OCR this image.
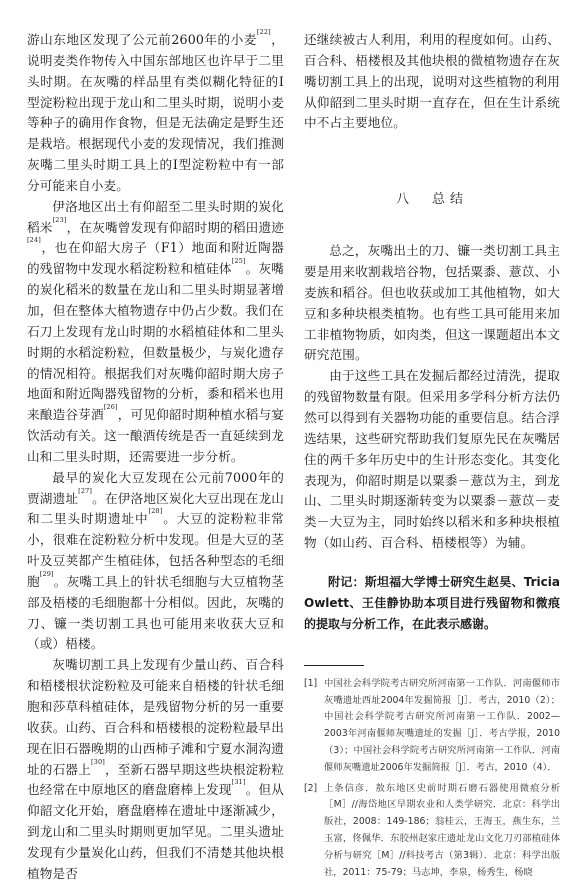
游山东地区发现了公元前2600年的小麦[22]，说明麦类作物传入中国东部地区也许早于二里头时期。在灰嘴的样品里有类似糊化特征的Ⅰ型淀粉粒出现于龙山和二里头时期，说明小麦等种子的确用作食物，但是无法确定是野生还是栽培。根据现代小麦的发现情况，我们推测灰嘴二里头时期工具上的Ⅰ型淀粉粒中有一部分可能来自小麦。

伊洛地区出土有仰韶至二里头时期的炭化稻米[23]，在灰嘴曾发现有仰韶时期的稻田遗迹[24]，也在仰韶大房子（F1）地面和附近陶器的残留物中发现水稻淀粉粒和植硅体[25]。灰嘴的炭化稻米的数量在龙山和二里头时期显著增加，但在整体大植物遗存中仍占少数。我们在石刀上发现有龙山时期的水稻植硅体和二里头时期的水稻淀粉粒，但数量极少，与炭化遗存的情况相符。根据我们对灰嘴仰韶时期大房子地面和附近陶器残留物的分析，黍和稻米也用来酿造谷芽酒[26]，可见仰韶时期种植水稻与宴饮活动有关。这一酿酒传统是否一直延续到龙山和二里头时期，还需要进一步分析。

最早的炭化大豆发现在公元前7000年的贾湖遗址[27]。在伊洛地区炭化大豆出现在龙山和二里头时期遗址中[28]。大豆的淀粉粒非常小，很难在淀粉粒分析中发现。但是大豆的茎叶及豆荚都产生植硅体，包括各种型态的毛细胞[29]。灰嘴工具上的针状毛细胞与大豆植物茎部及梧楼的毛细胞都十分相似。因此，灰嘴的刀、镰一类切割工具也可能用来收获大豆和（或）梧楼。

灰嘴切割工具上发现有少量山药、百合科和梧楼根状淀粉粒及可能来自梧楼的针状毛细胞和莎草科植硅体，是残留物分析的另一重要收获。山药、百合科和梧楼根的淀粉粒最早出现在旧石器晚期的山西柿子滩和宁夏水洞沟遗址的石器上[30]，至新石器早期这些块根淀粉粒也经常在中原地区的磨盘磨棒上发现[31]。但从仰韶文化开始，磨盘磨棒在遗址中逐渐减少，到龙山和二里头时期则更加罕见。二里头遗址发现有少量炭化山药，但我们不清楚其他块根植物是否

还继续被古人利用，利用的程度如何。山药、百合科、梧楼根及其他块根的微植物遗存在灰嘴切割工具上的出现，说明对这些植物的利用从仰韶到二里头时期一直存在，但在生计系统中不占主要地位。

八　总结

总之，灰嘴出土的刀、镰一类切割工具主要是用来收割栽培谷物，包括粟黍、薏苡、小麦族和稻谷。但也收获或加工其他植物，如大豆和多种块根类植物。也有些工具可能用来加工非植物物质，如肉类，但这一课题超出本文研究范围。

由于这些工具在发掘后都经过清洗，提取的残留物数量有限。但采用多学科分析方法仍然可以得到有关器物功能的重要信息。结合浮选结果，这些研究帮助我们复原先民在灰嘴居住的两千多年历史中的生计形态变化。其变化表现为，仰韶时期是以粟黍－薏苡为主，到龙山、二里头时期逐渐转变为以粟黍－薏苡－麦类－大豆为主，同时始终以稻米和多种块根植物（如山药、百合科、梧楼根等）为辅。

附记：斯坦福大学博士研究生赵昊、Tricia Owlett、王佳静协助本项目进行残留物和微痕的提取与分析工作，在此表示感谢。

[1] 中国社会科学院考古研究所河南第一工作队．河南偃师市灰嘴遗址西址2004年发掘简报［J］．考古，2010（2）；中国社会科学院考古研究所河南第一工作队．2002—2003年河南偃师灰嘴遗址的发掘［J］．考古学报，2010（3）；中国社会科学院考古研究所河南第一工作队．河南偃师灰嘴遗址2006年发掘简报［J］．考古，2010（4）．
[2] 上条信彦．敖东地区史前时期石磨石器使用微痕分析［M］//海岱地区早期农业和人类学研究．北京：科学出版社，2008：149-186；翁桂云，王海玉，燕生东，兰玉富，佟佩华．东胶州赵家庄遗址龙山文化刀刃部植硅体分析与研究［M］//科技考古（第3辑）．北京：科学出版社，2011：75-79；马志坤，李泉，杨秀生，杨晓
